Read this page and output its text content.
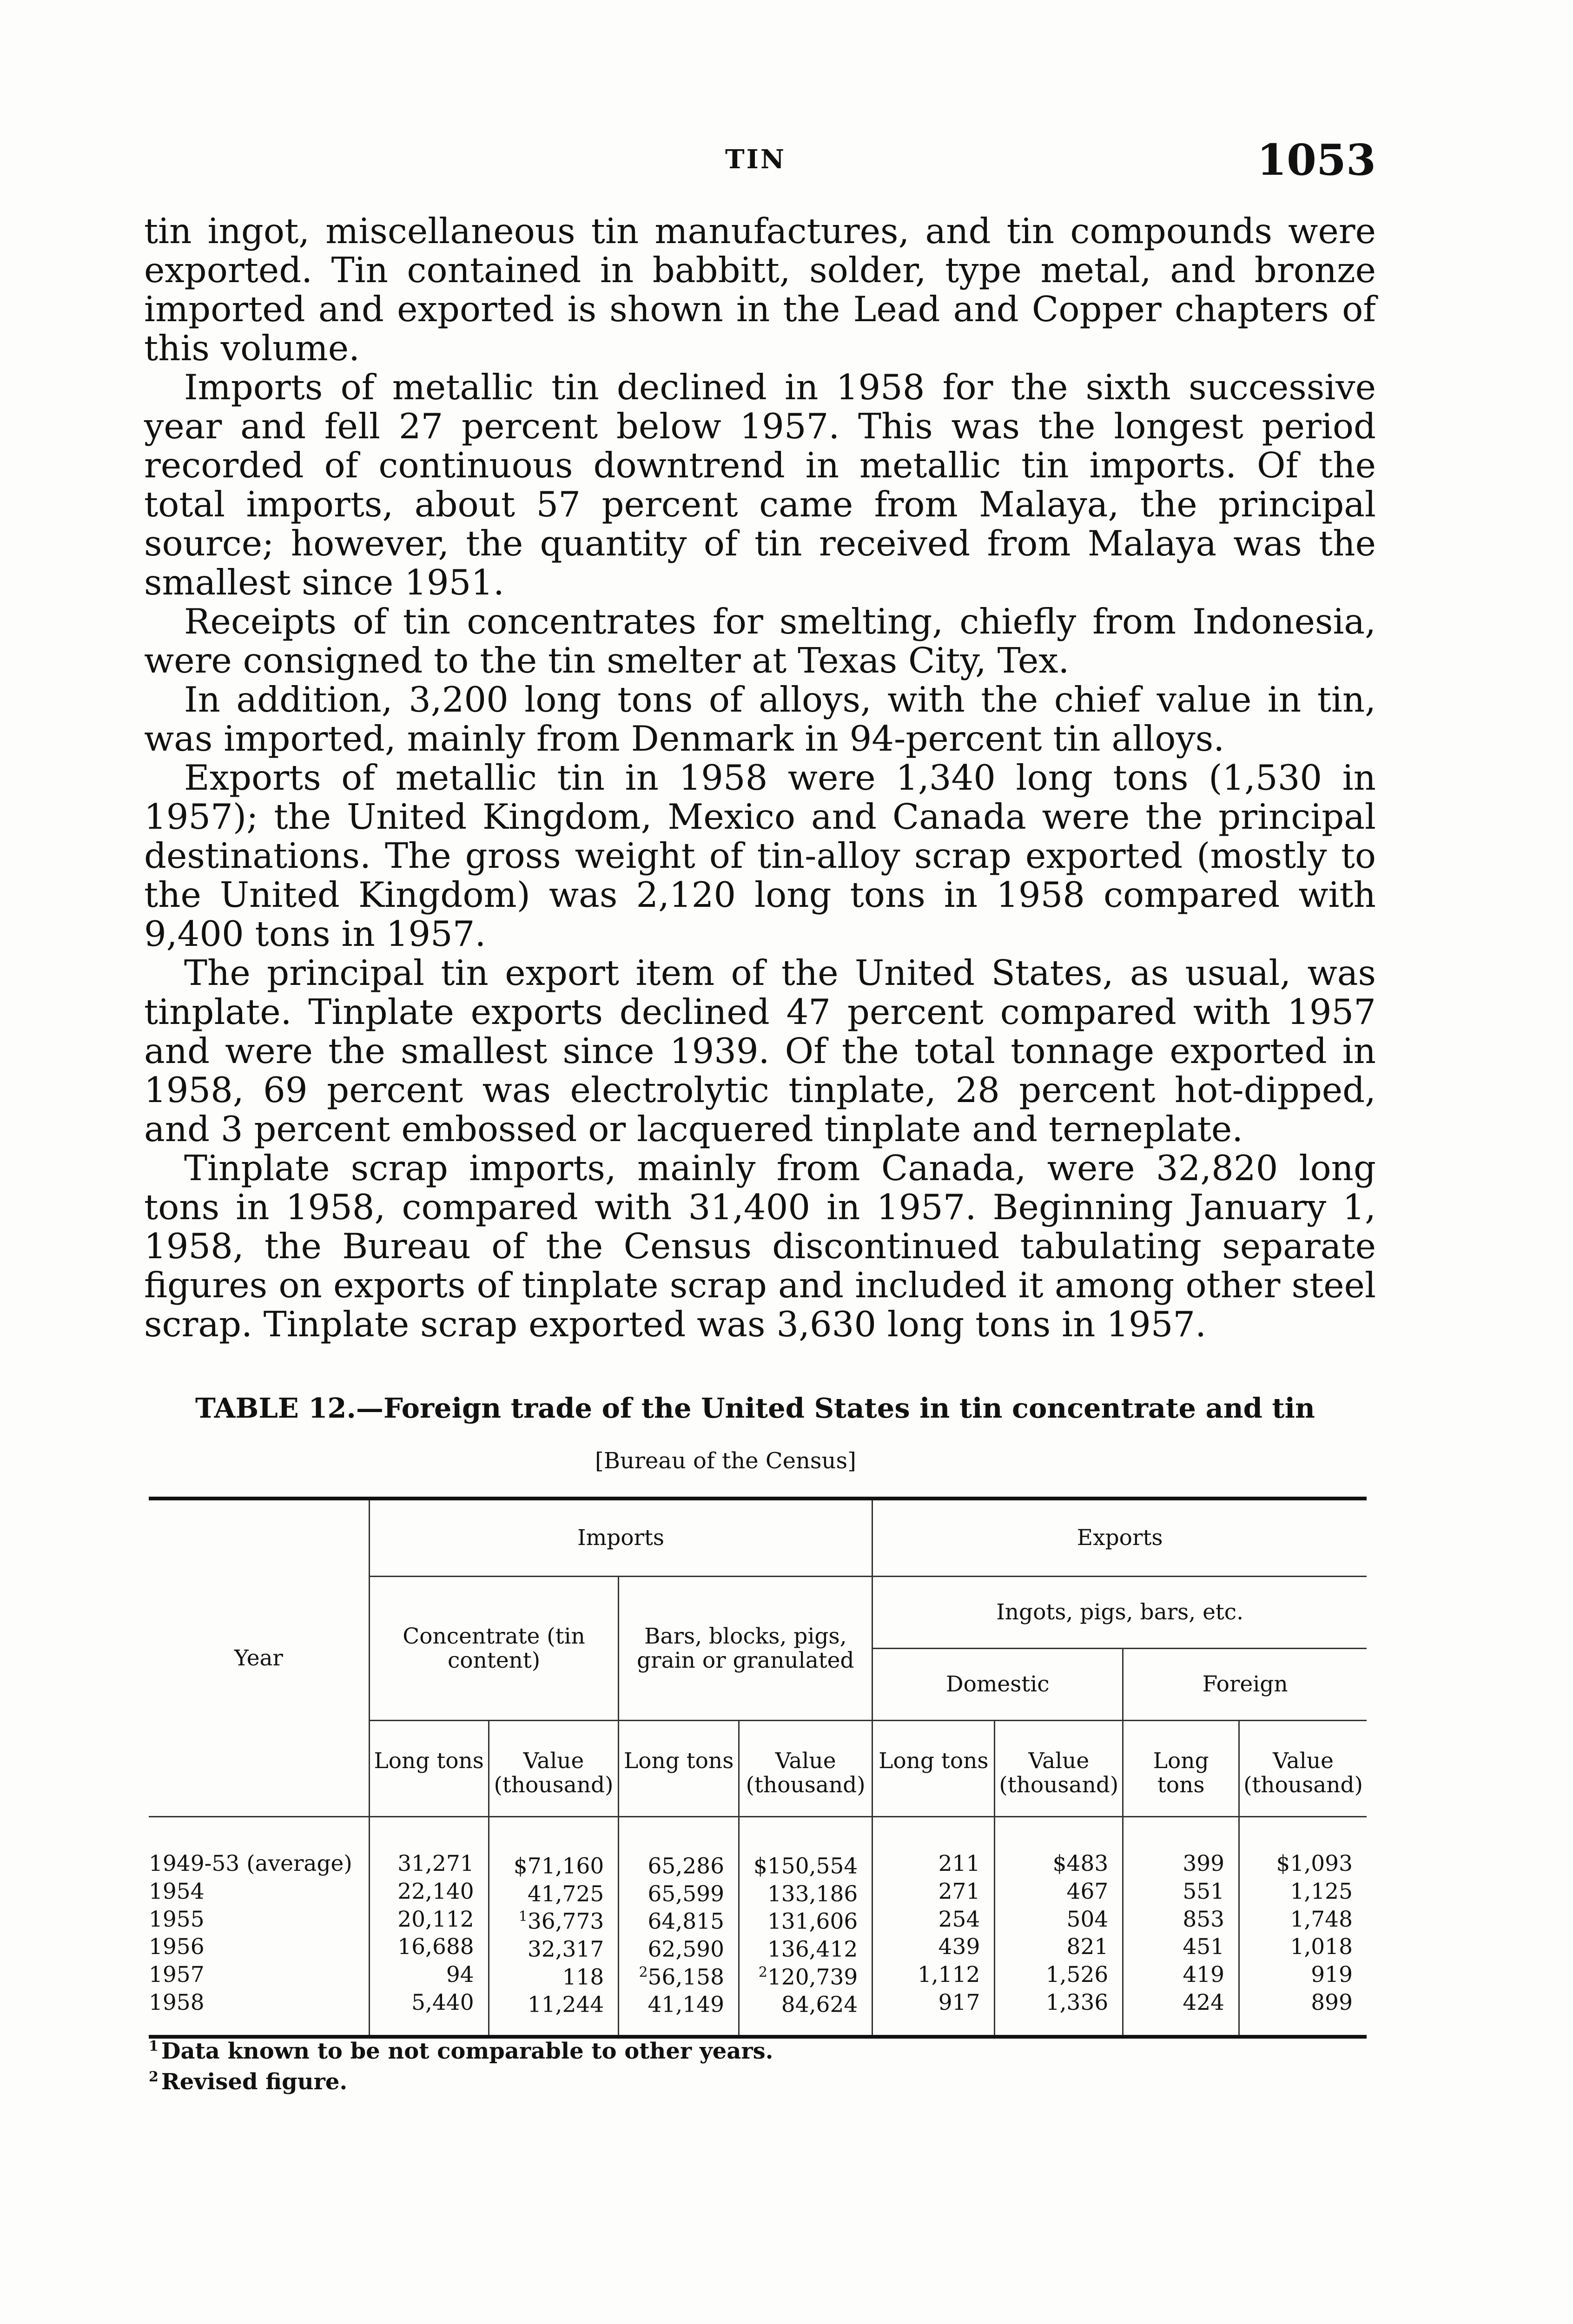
TIN	1053

tin ingot, miscellaneous tin manufactures, and tin compounds were exported. Tin contained in babbitt, solder, type metal, and bronze imported and exported is shown in the Lead and Copper chapters of this volume.

Imports of metallic tin declined in 1958 for the sixth successive year and fell 27 percent below 1957. This was the longest period recorded of continuous downtrend in metallic tin imports. Of the total imports, about 57 percent came from Malaya, the principal source; however, the quantity of tin received from Malaya was the smallest since 1951.

Receipts of tin concentrates for smelting, chiefly from Indonesia, were consigned to the tin smelter at Texas City, Tex.

In addition, 3,200 long tons of alloys, with the chief value in tin, was imported, mainly from Denmark in 94-percent tin alloys.

Exports of metallic tin in 1958 were 1,340 long tons (1,530 in 1957); the United Kingdom, Mexico and Canada were the principal destinations. The gross weight of tin-alloy scrap exported (mostly to the United Kingdom) was 2,120 long tons in 1958 compared with 9,400 tons in 1957.

The principal tin export item of the United States, as usual, was tinplate. Tinplate exports declined 47 percent compared with 1957 and were the smallest since 1939. Of the total tonnage exported in 1958, 69 percent was electrolytic tinplate, 28 percent hot-dipped, and 3 percent embossed or lacquered tinplate and terneplate.

Tinplate scrap imports, mainly from Canada, were 32,820 long tons in 1958, compared with 31,400 in 1957. Beginning January 1, 1958, the Bureau of the Census discontinued tabulating separate figures on exports of tinplate scrap and included it among other steel scrap. Tinplate scrap exported was 3,630 long tons in 1957.

TABLE 12.—Foreign trade of the United States in tin concentrate and tin
[Bureau of the Census]
Year	Imports				Exports			
	Concentrate (tin content)		Bars, blocks, pigs, grain or granulated		Ingots, pigs, bars, etc.			
					Domestic		Foreign	
	Long tons	Value (thousand)	Long tons	Value (thousand)	Long tons	Value (thousand)	Long tons	Value (thousand)

1949-53 (average)	31,271	$71,160	65,286	$150,554	211	$483	399	$1,093
1954	22,140	41,725	65,599	133,186	271	467	551	1,125
1955	20,112	$^1$36,773	64,815	131,606	254	504	853	1,748
1956	16,688	32,317	62,590	136,412	439	821	451	1,018
1957	94	118	$^2$56,158	$^2$120,739	1,112	1,526	419	919
1958	5,440	11,244	41,149	84,624	917	1,336	424	899
$^1$ Data known to be not comparable to other years.
$^2$ Revised figure.
